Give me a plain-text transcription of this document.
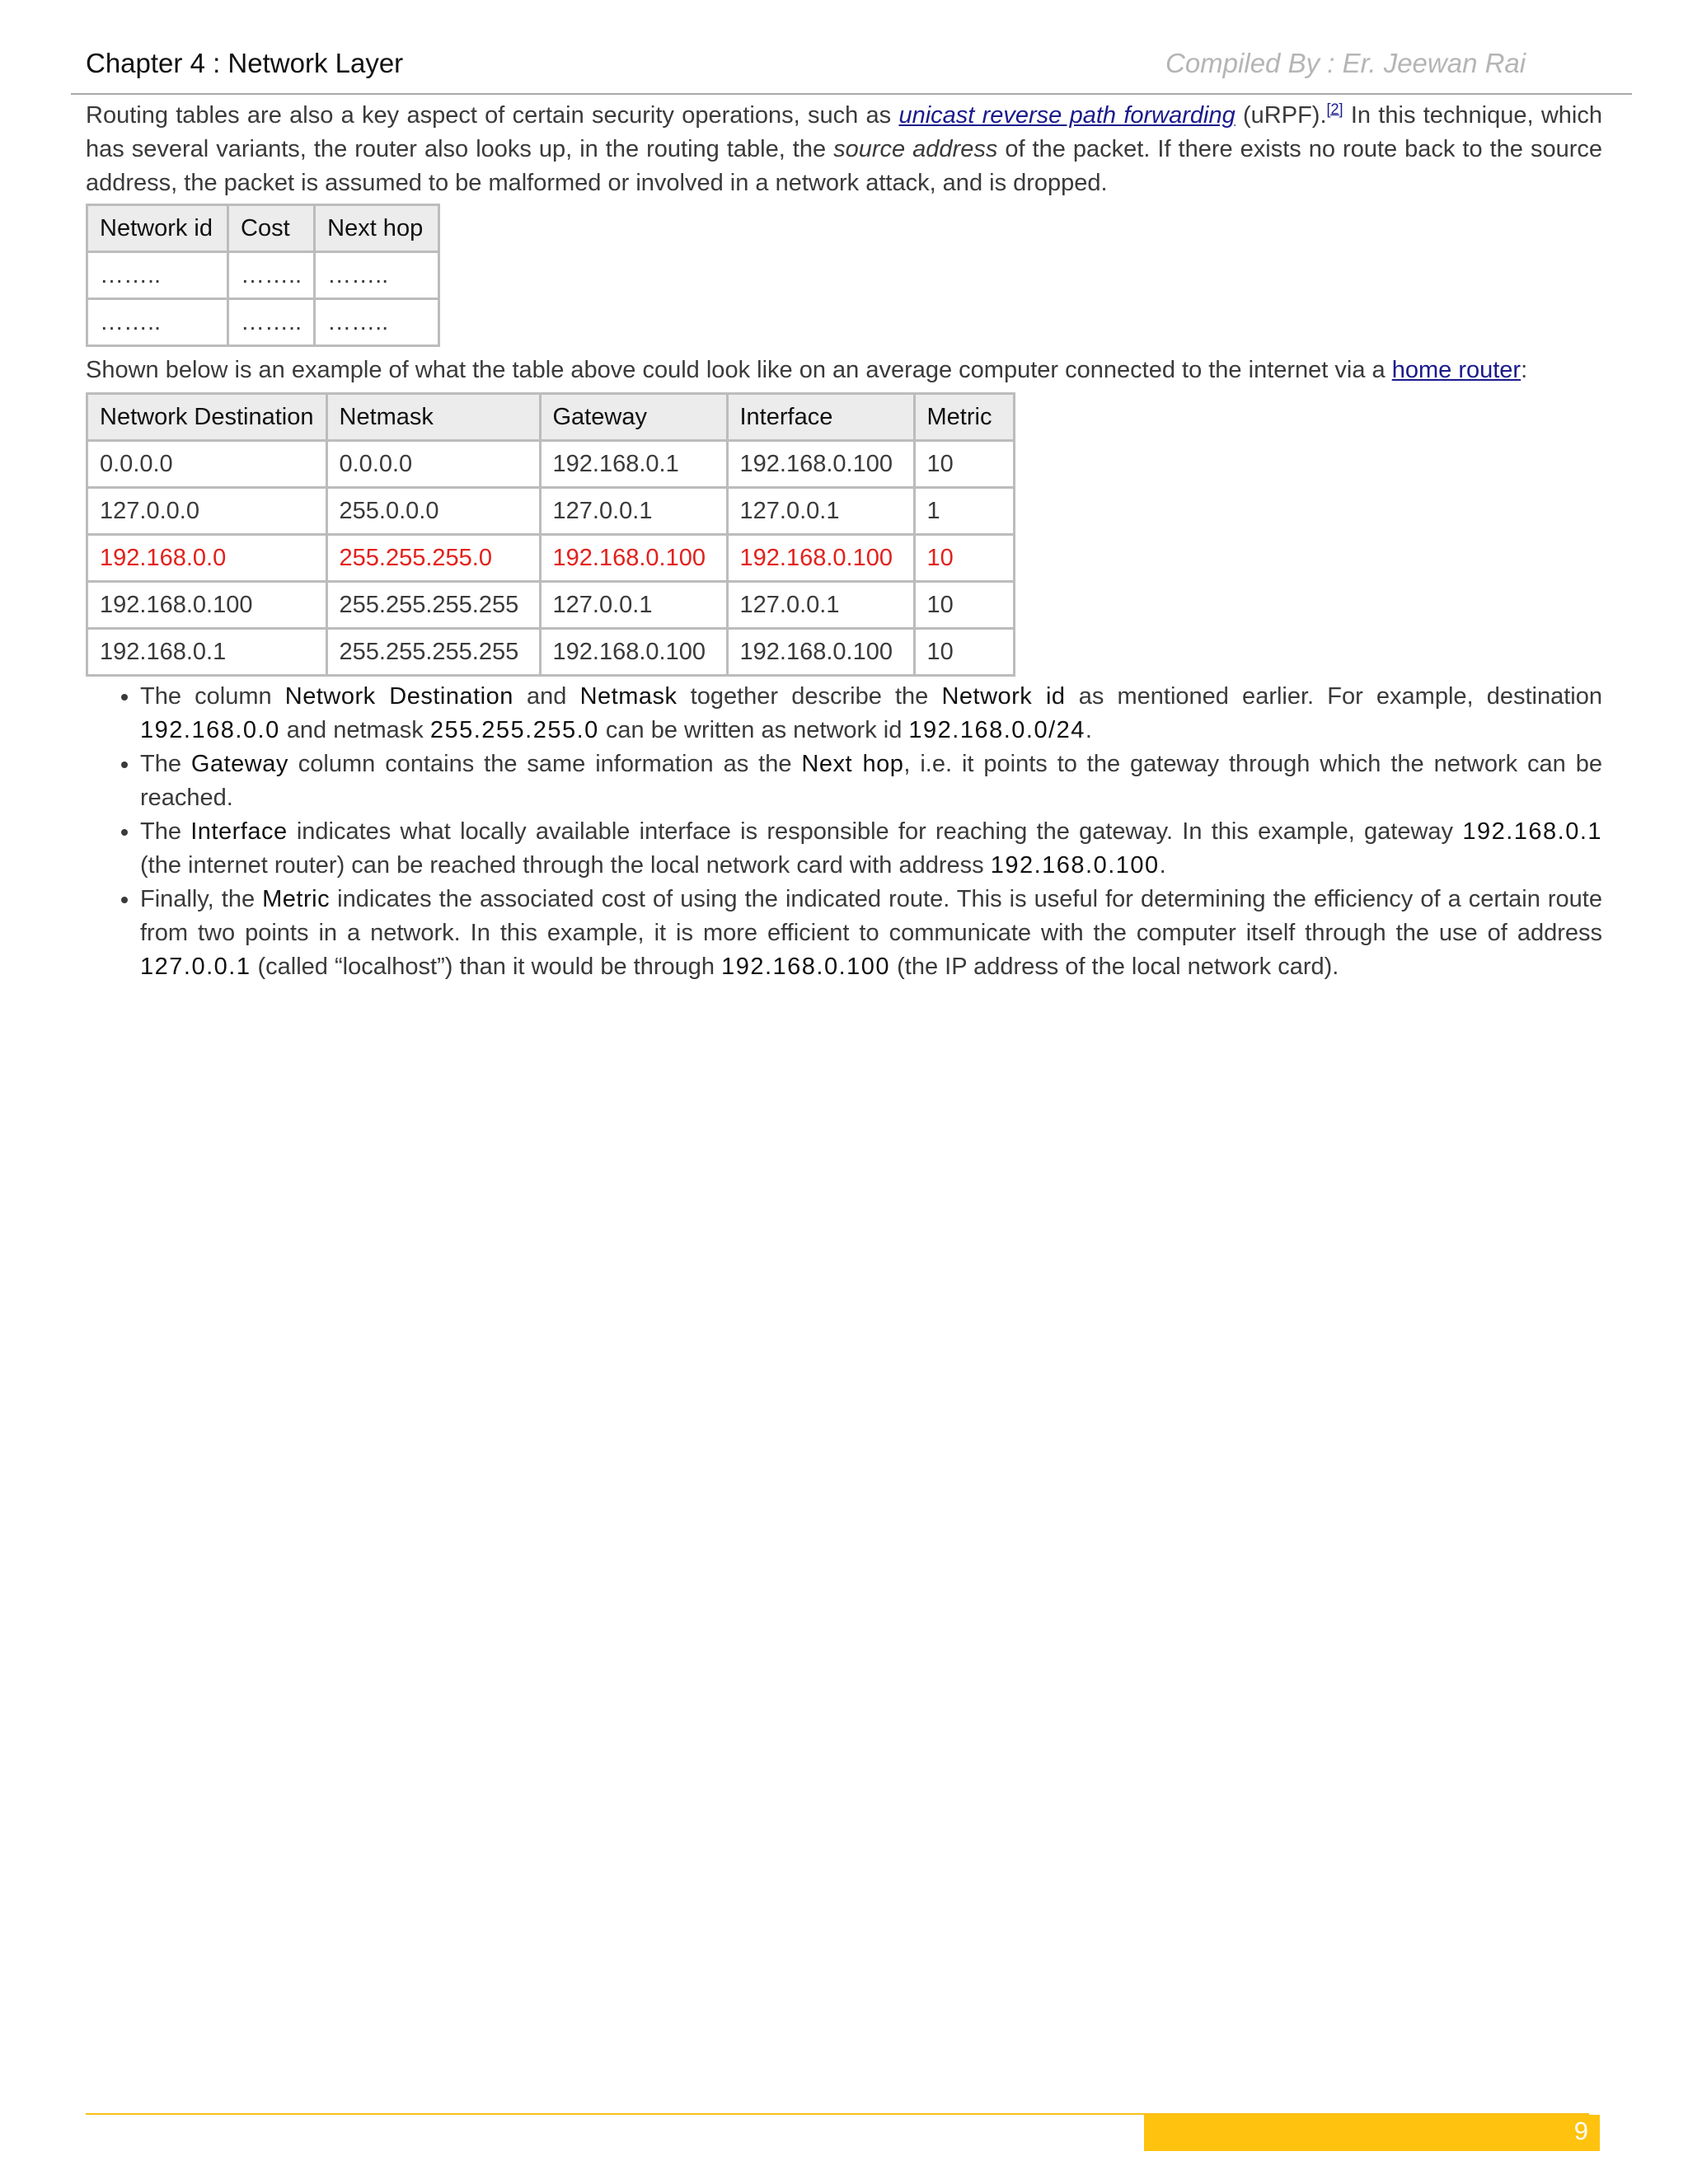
Chapter 4 : Network Layer	Compiled By : Er. Jeewan Rai

Routing tables are also a key aspect of certain security operations, such as unicast reverse path forwarding (uRPF).[2] In this technique, which has several variants, the router also looks up, in the routing table, the source address of the packet. If there exists no route back to the source address, the packet is assumed to be malformed or involved in a network attack, and is dropped.

Network id	Cost	Next hop
……..	……..	……..
……..	……..	……..

Shown below is an example of what the table above could look like on an average computer connected to the internet via a home router:

Network Destination	Netmask	Gateway	Interface	Metric
0.0.0.0	0.0.0.0	192.168.0.1	192.168.0.100	10
127.0.0.0	255.0.0.0	127.0.0.1	127.0.0.1	1
192.168.0.0	255.255.255.0	192.168.0.100	192.168.0.100	10
192.168.0.100	255.255.255.255	127.0.0.1	127.0.0.1	10
192.168.0.1	255.255.255.255	192.168.0.100	192.168.0.100	10
• The column Network Destination and Netmask together describe the Network id as mentioned earlier. For example, destination 192.168.0.0 and netmask 255.255.255.0 can be written as network id 192.168.0.0/24.
• The Gateway column contains the same information as the Next hop, i.e. it points to the gateway through which the network can be reached.
• The Interface indicates what locally available interface is responsible for reaching the gateway. In this example, gateway 192.168.0.1 (the internet router) can be reached through the local network card with address 192.168.0.100.
• Finally, the Metric indicates the associated cost of using the indicated route. This is useful for determining the efficiency of a certain route from two points in a network. In this example, it is more efficient to communicate with the computer itself through the use of address 127.0.0.1 (called “localhost”) than it would be through 192.168.0.100 (the IP address of the local network card).
9
